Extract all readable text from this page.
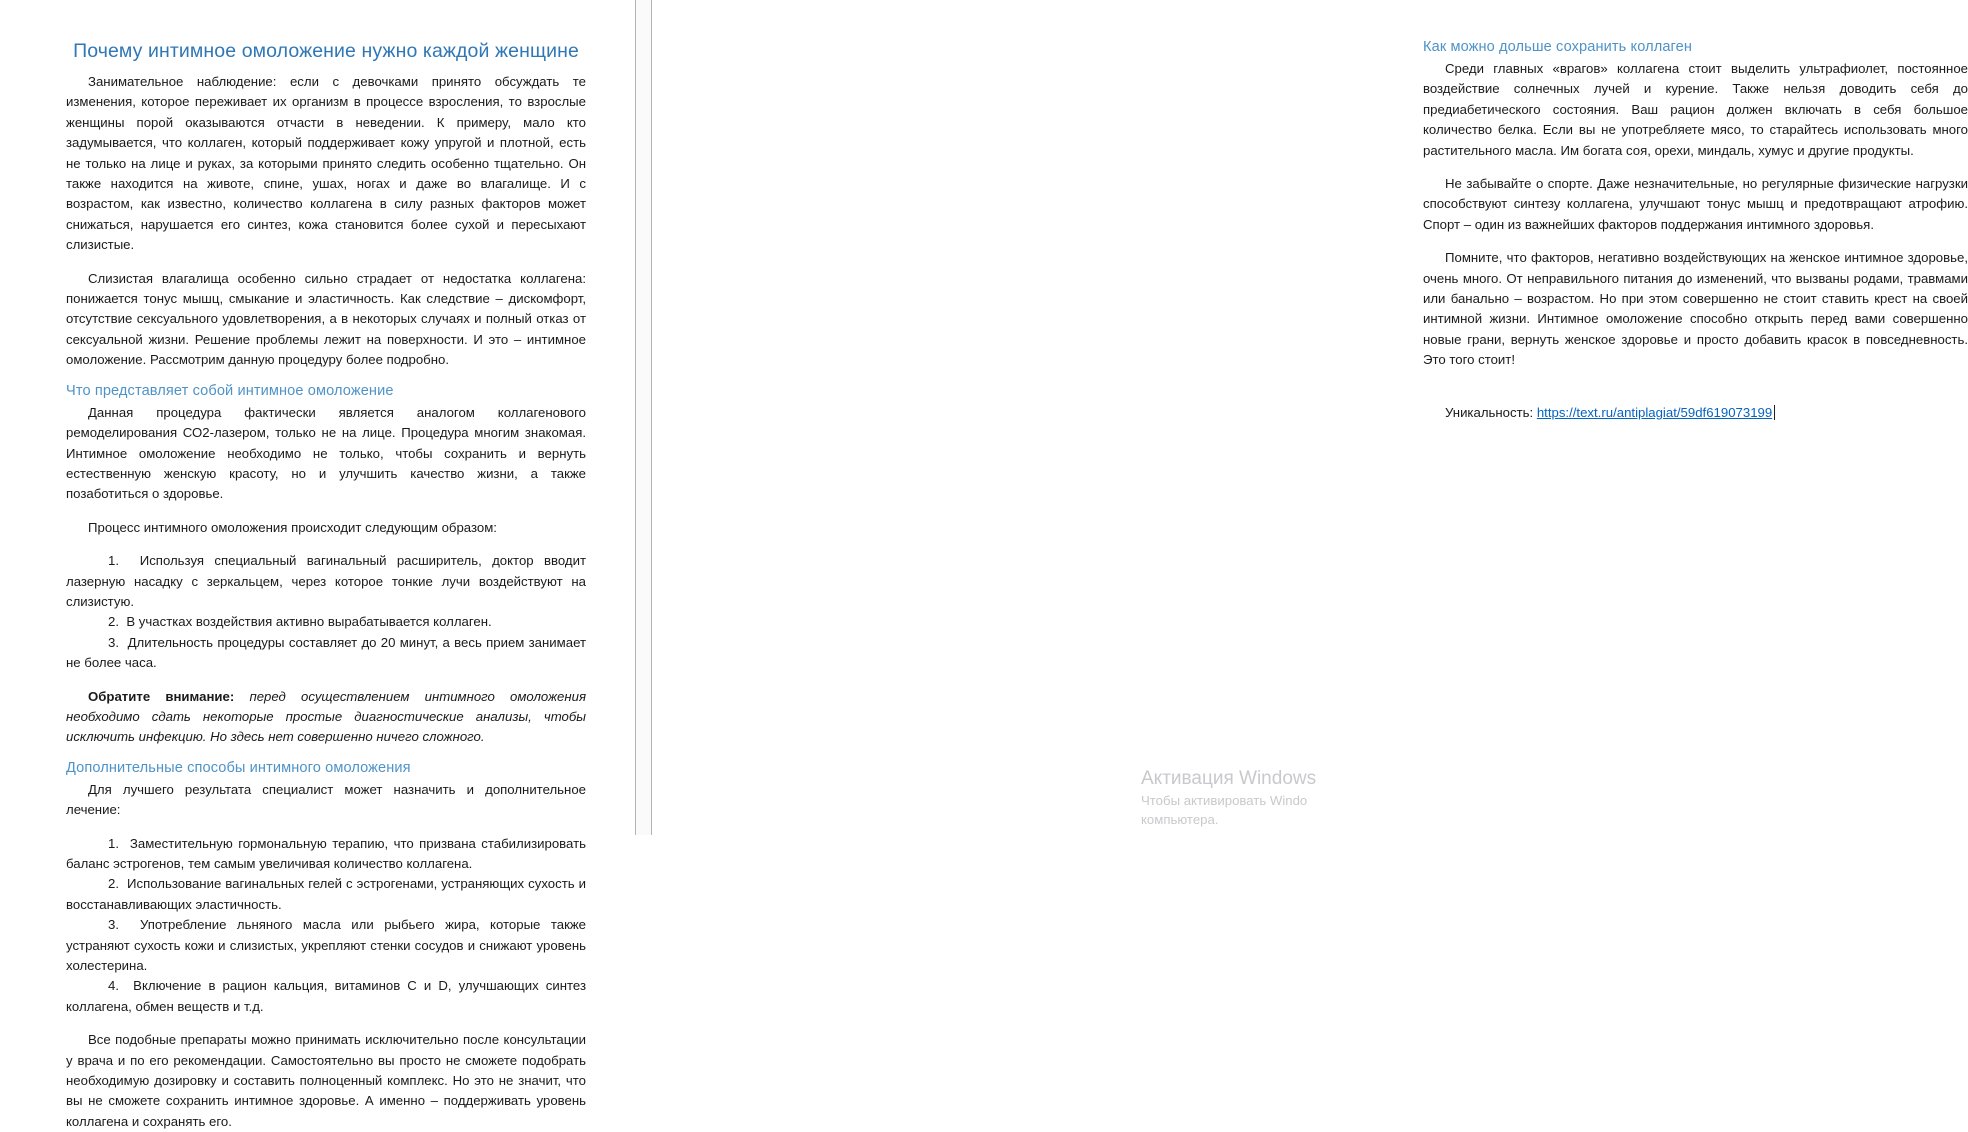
Почему интимное омоложение нужно каждой женщине

Занимательное наблюдение: если с девочками принято обсуждать те изменения, которое переживает их организм в процессе взросления, то взрослые женщины порой оказываются отчасти в неведении. К примеру, мало кто задумывается, что коллаген, который поддерживает кожу упругой и плотной, есть не только на лице и руках, за которыми принято следить особенно тщательно. Он также находится на животе, спине, ушах, ногах и даже во влагалище. И с возрастом, как известно, количество коллагена в силу разных факторов может снижаться, нарушается его синтез, кожа становится более сухой и пересыхают слизистые.

Слизистая влагалища особенно сильно страдает от недостатка коллагена: понижается тонус мышц, смыкание и эластичность. Как следствие – дискомфорт, отсутствие сексуального удовлетворения, а в некоторых случаях и полный отказ от сексуальной жизни. Решение проблемы лежит на поверхности. И это – интимное омоложение. Рассмотрим данную процедуру более подробно.

Что представляет собой интимное омоложение

Данная процедура фактически является аналогом коллагенового ремоделирования СО2-лазером, только не на лице. Процедура многим знакомая. Интимное омоложение необходимо не только, чтобы сохранить и вернуть естественную женскую красоту, но и улучшить качество жизни, а также позаботиться о здоровье.

Процесс интимного омоложения происходит следующим образом:

Используя специальный вагинальный расширитель, доктор вводит лазерную насадку с зеркальцем, через которое тонкие лучи воздействуют на слизистую.
В участках воздействия активно вырабатывается коллаген.
Длительность процедуры составляет до 20 минут, а весь прием занимает не более часа.

Обратите внимание: перед осуществлением интимного омоложения необходимо сдать некоторые простые диагностические анализы, чтобы исключить инфекцию. Но здесь нет совершенно ничего сложного.

Дополнительные способы интимного омоложения

Для лучшего результата специалист может назначить и дополнительное лечение:

Заместительную гормональную терапию, что призвана стабилизировать баланс эстрогенов, тем самым увеличивая количество коллагена.
Использование вагинальных гелей с эстрогенами, устраняющих сухость и восстанавливающих эластичность.
Употребление льняного масла или рыбьего жира, которые также устраняют сухость кожи и слизистых, укрепляют стенки сосудов и снижают уровень холестерина.
Включение в рацион кальция, витаминов C и D, улучшающих синтез коллагена, обмен веществ и т.д.

Все подобные препараты можно принимать исключительно после консультации у врача и по его рекомендации. Самостоятельно вы просто не сможете подобрать необходимую дозировку и составить полноценный комплекс. Но это не значит, что вы не сможете сохранить интимное здоровье. А именно – поддерживать уровень коллагена и сохранять его.

Как можно дольше сохранить коллаген

Среди главных «врагов» коллагена стоит выделить ультрафиолет, постоянное воздействие солнечных лучей и курение. Также нельзя доводить себя до предиабетического состояния. Ваш рацион должен включать в себя большое количество белка. Если вы не употребляете мясо, то старайтесь использовать много растительного масла. Им богата соя, орехи, миндаль, хумус и другие продукты.

Не забывайте о спорте. Даже незначительные, но регулярные физические нагрузки способствуют синтезу коллагена, улучшают тонус мышц и предотвращают атрофию. Спорт – один из важнейших факторов поддержания интимного здоровья.

Помните, что факторов, негативно воздействующих на женское интимное здоровье, очень много. От неправильного питания до изменений, что вызваны родами, травмами или банально – возрастом. Но при этом совершенно не стоит ставить крест на своей интимной жизни. Интимное омоложение способно открыть перед вами совершенно новые грани, вернуть женское здоровье и просто добавить красок в повседневность. Это того стоит!

Уникальность: https://text.ru/antiplagiat/59df619073199

Активация Windows
Чтобы активировать Windo
компьютера.
